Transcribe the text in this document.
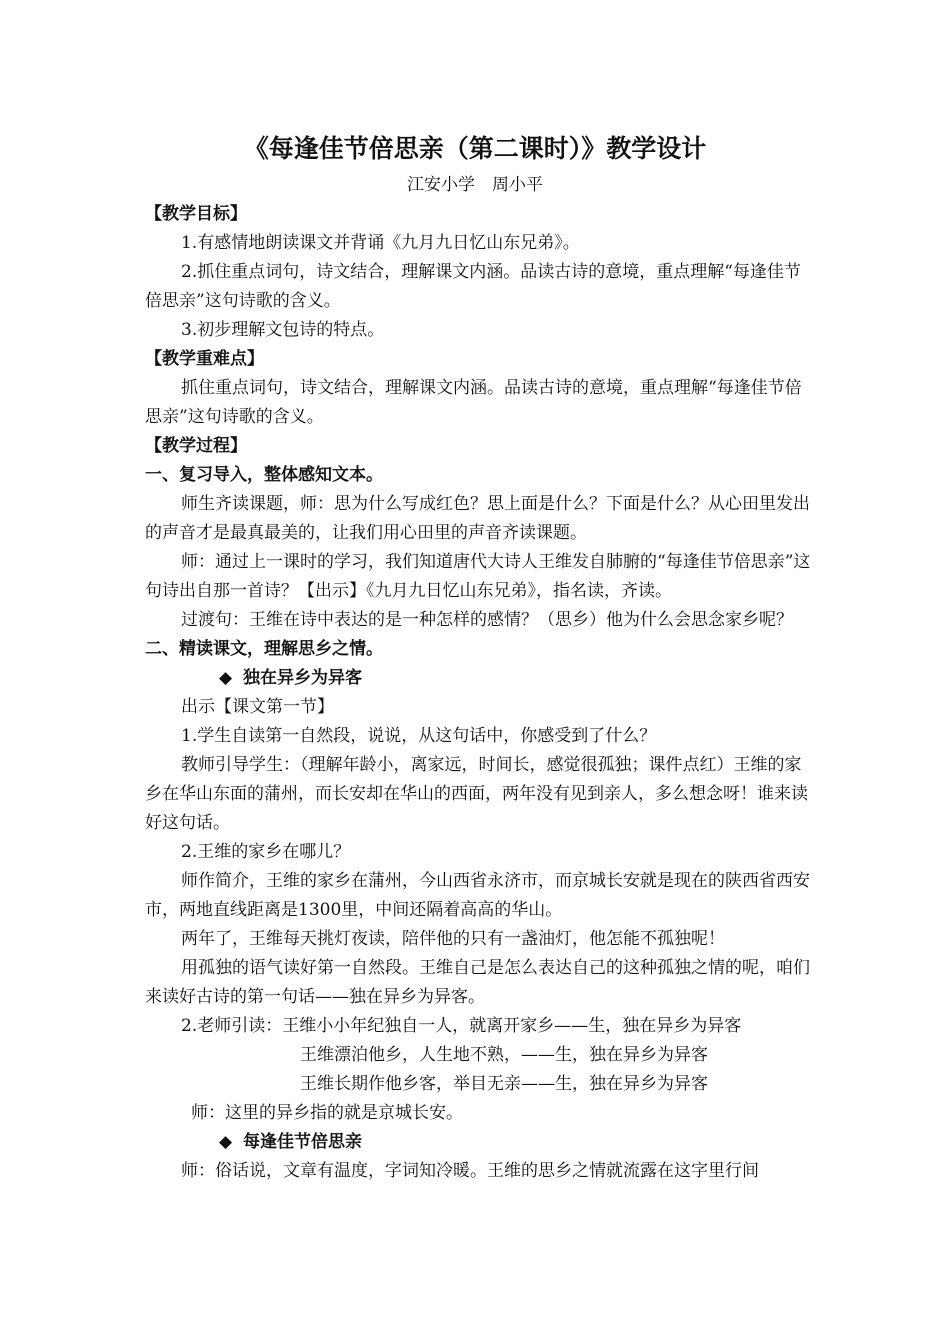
《每逢佳节倍思亲（第二课时）》教学设计
江安小学　周小平

【教学目标】

1.有感情地朗读课文并背诵《九月九日忆山东兄弟》。

2.抓住重点词句，诗文结合，理解课文内涵。品读古诗的意境，重点理解“每逢佳节倍思亲”这句诗歌的含义。

3.初步理解文包诗的特点。

【教学重难点】

抓住重点词句，诗文结合，理解课文内涵。品读古诗的意境，重点理解“每逢佳节倍思亲”这句诗歌的含义。

【教学过程】

一、复习导入，整体感知文本。

师生齐读课题，师：思为什么写成红色？思上面是什么？下面是什么？从心田里发出的声音才是最真最美的，让我们用心田里的声音齐读课题。

师：通过上一课时的学习，我们知道唐代大诗人王维发自肺腑的“每逢佳节倍思亲”这句诗出自那一首诗？【出示】《九月九日忆山东兄弟》，指名读，齐读。

过渡句：王维在诗中表达的是一种怎样的感情？（思乡）他为什么会思念家乡呢？

二、精读课文，理解思乡之情。

◆ 独在异乡为异客

出示【课文第一节】

1.学生自读第一自然段，说说，从这句话中，你感受到了什么？

教师引导学生：（理解年龄小，离家远，时间长，感觉很孤独；课件点红）王维的家乡在华山东面的蒲州，而长安却在华山的西面，两年没有见到亲人，多么想念呀！谁来读好这句话。

2.王维的家乡在哪儿？

师作简介，王维的家乡在蒲州，今山西省永济市，而京城长安就是现在的陕西省西安市，两地直线距离是1300里，中间还隔着高高的华山。

两年了，王维每天挑灯夜读，陪伴他的只有一盏油灯，他怎能不孤独呢！

用孤独的语气读好第一自然段。王维自己是怎么表达自己的这种孤独之情的呢，咱们来读好古诗的第一句话——独在异乡为异客。

2.老师引读：王维小小年纪独自一人，就离开家乡——生，独在异乡为异客

王维漂泊他乡，人生地不熟，——生，独在异乡为异客

王维长期作他乡客，举目无亲——生，独在异乡为异客

师：这里的异乡指的就是京城长安。

◆ 每逢佳节倍思亲

师：俗话说，文章有温度，字词知冷暖。王维的思乡之情就流露在这字里行间
